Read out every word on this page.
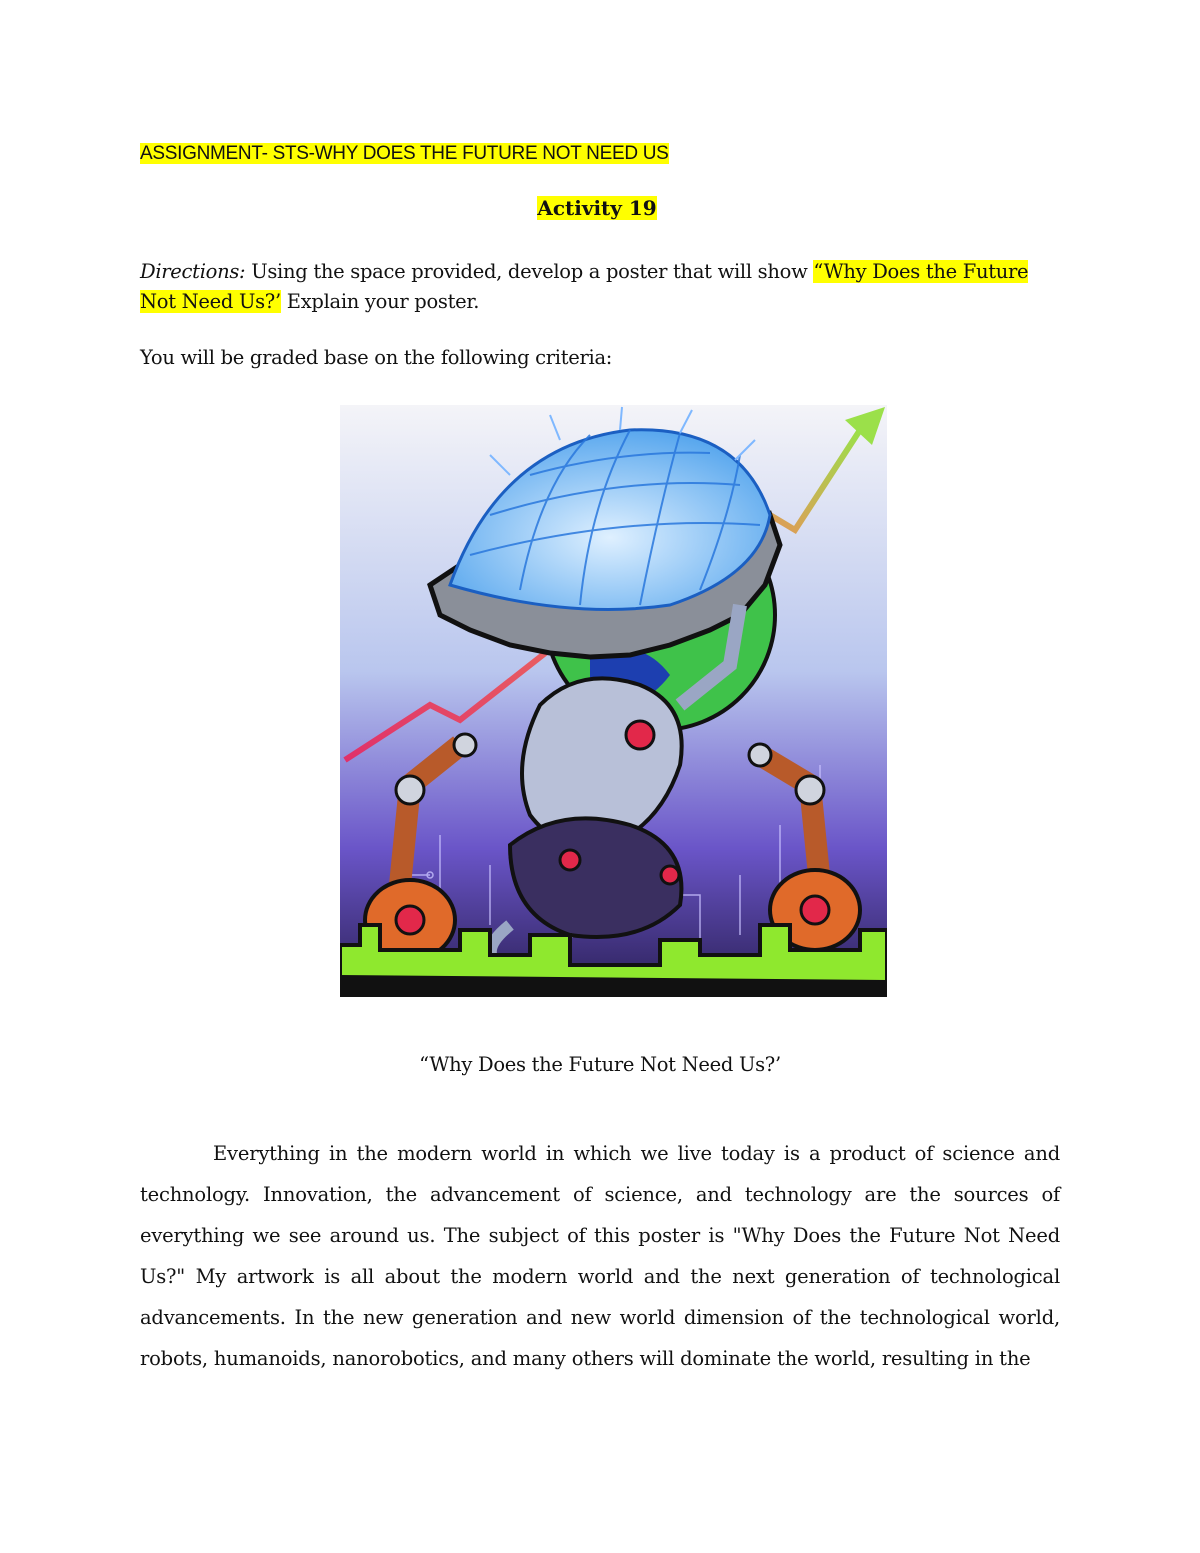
ASSIGNMENT- STS-WHY DOES THE FUTURE NOT NEED US
Activity 19
Directions: Using the space provided, develop a poster that will show “Why Does the Future Not Need Us?’ Explain your poster.
You will be graded base on the following criteria:
“Why Does the Future Not Need Us?’

Everything in the modern world in which we live today is a product of science and technology. Innovation, the advancement of science, and technology are the sources of everything we see around us. The subject of this poster is "Why Does the Future Not Need Us?" My artwork is all about the modern world and the next generation of technological advancements. In the new generation and new world dimension of the technological world, robots, humanoids, nanorobotics, and many others will dominate the world, resulting in the
